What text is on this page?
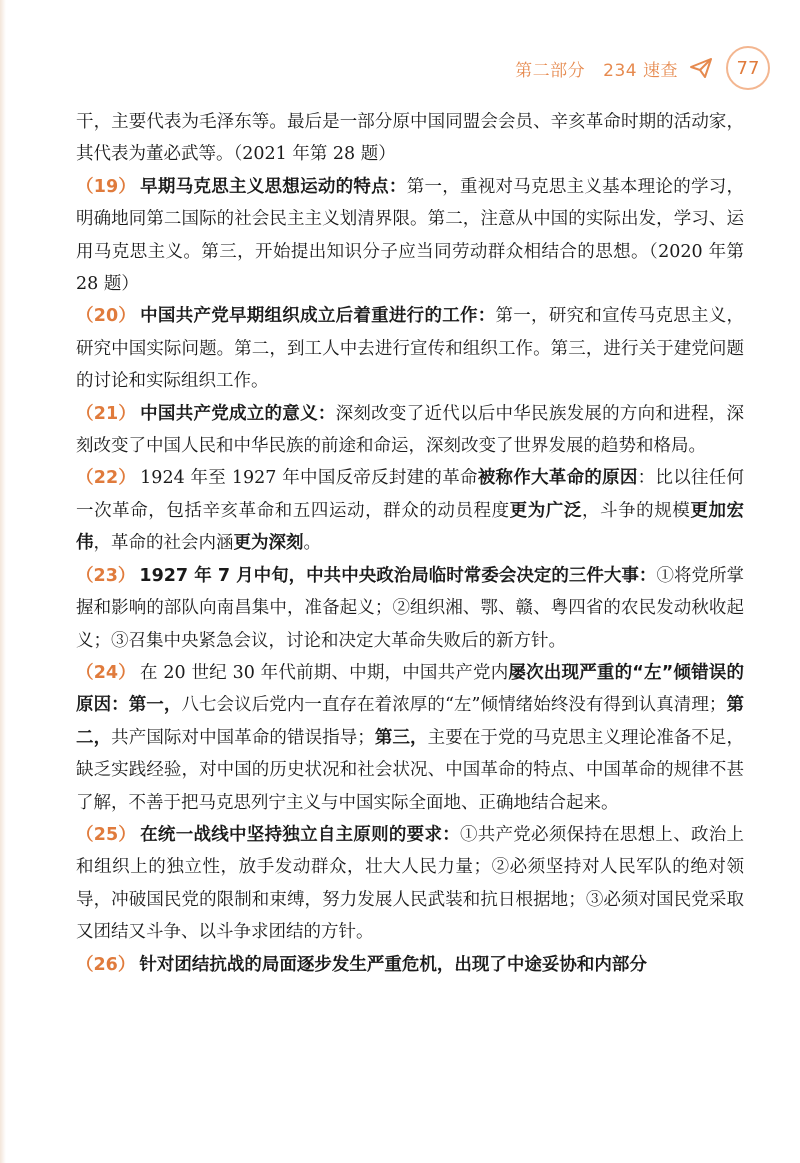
第二部分 234 速查	77

干，主要代表为毛泽东等。最后是一部分原中国同盟会会员、辛亥革命时期的活动家，其代表为董必武等。（2021 年第 28 题）

（19） 早期马克思主义思想运动的特点：第一，重视对马克思主义基本理论的学习，明确地同第二国际的社会民主主义划清界限。第二，注意从中国的实际出发，学习、运用马克思主义。第三，开始提出知识分子应当同劳动群众相结合的思想。（2020 年第 28 题）

（20） 中国共产党早期组织成立后着重进行的工作：第一，研究和宣传马克思主义，研究中国实际问题。第二，到工人中去进行宣传和组织工作。第三，进行关于建党问题的讨论和实际组织工作。

（21） 中国共产党成立的意义：深刻改变了近代以后中华民族发展的方向和进程，深刻改变了中国人民和中华民族的前途和命运，深刻改变了世界发展的趋势和格局。

（22） 1924 年至 1927 年中国反帝反封建的革命被称作大革命的原因：比以往任何一次革命，包括辛亥革命和五四运动，群众的动员程度更为广泛，斗争的规模更加宏伟，革命的社会内涵更为深刻。

（23） 1927 年 7 月中旬，中共中央政治局临时常委会决定的三件大事：①将党所掌握和影响的部队向南昌集中，准备起义；②组织湘、鄂、赣、粤四省的农民发动秋收起义；③召集中央紧急会议，讨论和决定大革命失败后的新方针。

（24） 在 20 世纪 30 年代前期、中期，中国共产党内屡次出现严重的“左”倾错误的原因：第一，八七会议后党内一直存在着浓厚的“左”倾情绪始终没有得到认真清理；第二，共产国际对中国革命的错误指导；第三，主要在于党的马克思主义理论准备不足，缺乏实践经验，对中国的历史状况和社会状况、中国革命的特点、中国革命的规律不甚了解，不善于把马克思列宁主义与中国实际全面地、正确地结合起来。

（25） 在统一战线中坚持独立自主原则的要求：①共产党必须保持在思想上、政治上和组织上的独立性，放手发动群众，壮大人民力量；②必须坚持对人民军队的绝对领导，冲破国民党的限制和束缚，努力发展人民武装和抗日根据地；③必须对国民党采取又团结又斗争、以斗争求团结的方针。

（26） 针对团结抗战的局面逐步发生严重危机，出现了中途妥协和内部分
